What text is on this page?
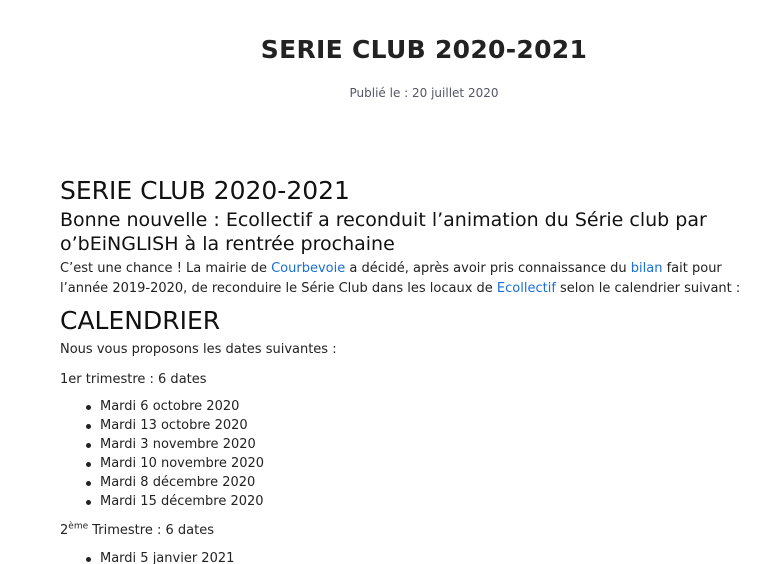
SERIE CLUB 2020-2021
Publié le : 20 juillet 2020
SERIE CLUB 2020-2021
Bonne nouvelle : Ecollectif a reconduit l’animation du Série club par o’bEiNGLISH à la rentrée prochaine

C’est une chance ! La mairie de Courbevoie a décidé, après avoir pris connaissance du bilan fait pour l’année 2019-2020, de reconduire le Série Club dans les locaux de Ecollectif selon le calendrier suivant :

CALENDRIER

Nous vous proposons les dates suivantes :

1er trimestre : 6 dates

Mardi 6 octobre 2020
Mardi 13 octobre 2020
Mardi 3 novembre 2020
Mardi 10 novembre 2020
Mardi 8 décembre 2020
Mardi 15 décembre 2020

2ème Trimestre : 6 dates

Mardi 5 janvier 2021
